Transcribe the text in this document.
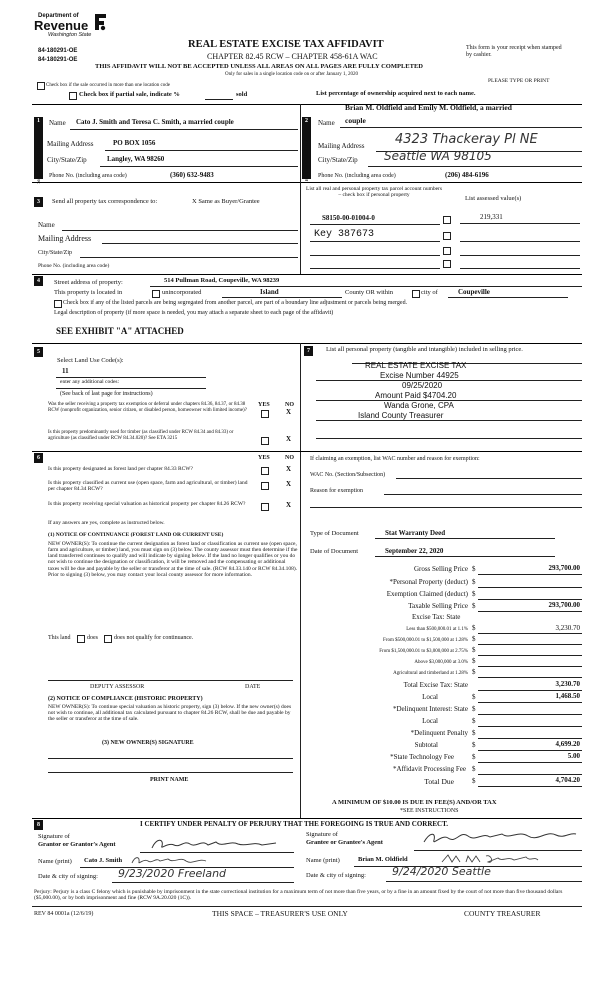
Department of
Revenue
Washington State
84-180291-OE
84-180291-OE
REAL ESTATE EXCISE TAX AFFIDAVIT
CHAPTER 82.45 RCW – CHAPTER 458-61A WAC
This form is your receipt when stamped by cashier.
THIS AFFIDAVIT WILL NOT BE ACCEPTED UNLESS ALL AREAS ON ALL PAGES ARE FULLY COMPLETED
Only for sales in a single location code on or after January 1, 2020
PLEASE TYPE OR PRINT
Check box if the sale occurred in more than one location code
Check box if partial sale, indicate %	sold	List percentage of ownership acquired next to each name.
1
SELLER GRANTOR
Name Cato J. Smith and Teresa C. Smith, a married couple
Mailing Address	PO BOX 1056
City/State/Zip	Langley, WA 98260
Phone No. (including area code)	(360) 632-9483
Brian M. Oldfield and Emily M. Oldfield, a married
2
BUYER GRANTEE
Name couple
Mailing Address 4323 Thackeray Pl NE
City/State/Zip Seattle WA 98105
Phone No. (including area code)	(206) 484-6196
3	Send all property tax correspondence to:	X Same as Buyer/Grantee
Name
Mailing Address
City/State/Zip
Phone No. (including area code)
List all real and personal property tax parcel account numbers – check box if personal property	List assessed value(s)
S8150-00-01004-0	219,331
Key 387673
4	Street address of property:	514 Pullman Road, Coupeville, WA 98239
This property is located in	unincorporated	Island	County OR within	city of	Coupeville
Check box if any of the listed parcels are being segregated from another parcel, are part of a boundary line adjustment or parcels being merged.
Legal description of property (if more space is needed, you may attach a separate sheet to each page of the affidavit)
SEE EXHIBIT "A" ATTACHED
5
Select Land Use Code(s):
11
enter any additional codes:
(See back of last page for instructions)
YES	NO
Was the seller receiving a property tax exemption or deferral under chapters 84.36, 84.37, or 84.38 RCW (nonprofit organization, senior citizen, or disabled person, homeowner with limited income)?	X
Is this property predominantly used for timber (as classified under RCW 84.34 and 84.33) or agriculture (as classified under RCW 84.34.020)? See ETA 3215	X
7	List all personal property (tangible and intangible) included in selling price.
REAL ESTATE EXCISE TAX
Excise Number 44925
09/25/2020
Amount Paid $4704.20
Wanda Grone, CPA
Island County Treasurer
6	YES	NO
Is this property designated as forest land per chapter 84.33 RCW?	X
Is this property classified as current use (open space, farm and agricultural, or timber) land per chapter 84.34 RCW?
X
Is this property receiving special valuation as historical property per chapter 84.26 RCW?	X
If any answers are yes, complete as instructed below.
(1) NOTICE OF CONTINUANCE (FOREST LAND OR CURRENT USE)
NEW OWNER(S): To continue the current designation as forest land or classification as current use (open space, farm and agriculture, or timber) land, you must sign on (3) below. The county assessor must then determine if the land transferred continues to qualify and will indicate by signing below. If the land no longer qualifies or you do not wish to continue the designation or classification, it will be removed and the compensating or additional taxes will be due and payable by the seller or transferor at the time of sale. (RCW 84.33.140 or RCW 84.34.108). Prior to signing (3) below, you may contact your local county assessor for more information.
This land	does	does not qualify for continuance.
DEPUTY ASSESSOR	DATE
(2) NOTICE OF COMPLIANCE (HISTORIC PROPERTY)
NEW OWNER(S): To continue special valuation as historic property, sign (3) below. If the new owner(s) does not wish to continue, all additional tax calculated pursuant to chapter 84.26 RCW, shall be due and payable by the seller or transferor at the time of sale.
(3) NEW OWNER(S) SIGNATURE
PRINT NAME
If claiming an exemption, list WAC number and reason for exemption:
WAC No. (Section/Subsection)
Reason for exemption
Type of Document	Stat Warranty Deed
Date of Document	September 22, 2020
Gross Selling Price $	293,700.00
*Personal Property (deduct) $
Exemption Claimed (deduct) $
Taxable Selling Price $	293,700.00
Excise Tax: State
Less than $500,000.01 at 1.1% $	3,230.70
From $500,000.01 to $1,500,000 at 1.28% $
From $1,500,000.01 to $3,000,000 at 2.75% $
Above $3,000,000 at 3.0% $
Agricultural and timberland at 1.28% $
Total Excise Tax: State	3,230.70
Local	$	1,468.50
*Delinquent Interest: State $
Local	$
*Delinquent Penalty $
Subtotal	$	4,699.20
*State Technology Fee	$	5.00
*Affidavit Processing Fee $
Total Due	$	4,704.20
A MINIMUM OF $10.00 IS DUE IN FEE(S) AND/OR TAX
*SEE INSTRUCTIONS
8	I CERTIFY UNDER PENALTY OF PERJURY THAT THE FOREGOING IS TRUE AND CORRECT.
Signature of
Grantor or Grantor's Agent
Name (print) Cato J. Smith
Date & city of signing: 9/23/2020 Freeland
Signature of
Grantee or Grantee's Agent
Name (print)	Brian M. Oldfield
Date & city of signing: 9/24/2020 Seattle
Perjury: Perjury is a class C felony which is punishable by imprisonment in the state correctional institution for a maximum term of not more than five years, or by a fine in an amount fixed by the court of not more than five thousand dollars ($5,000.00), or by both imprisonment and fine (RCW 9A.20.020 (1C)).
REV 84 0001a (12/6/19)	THIS SPACE – TREASURER'S USE ONLY	COUNTY TREASURER
